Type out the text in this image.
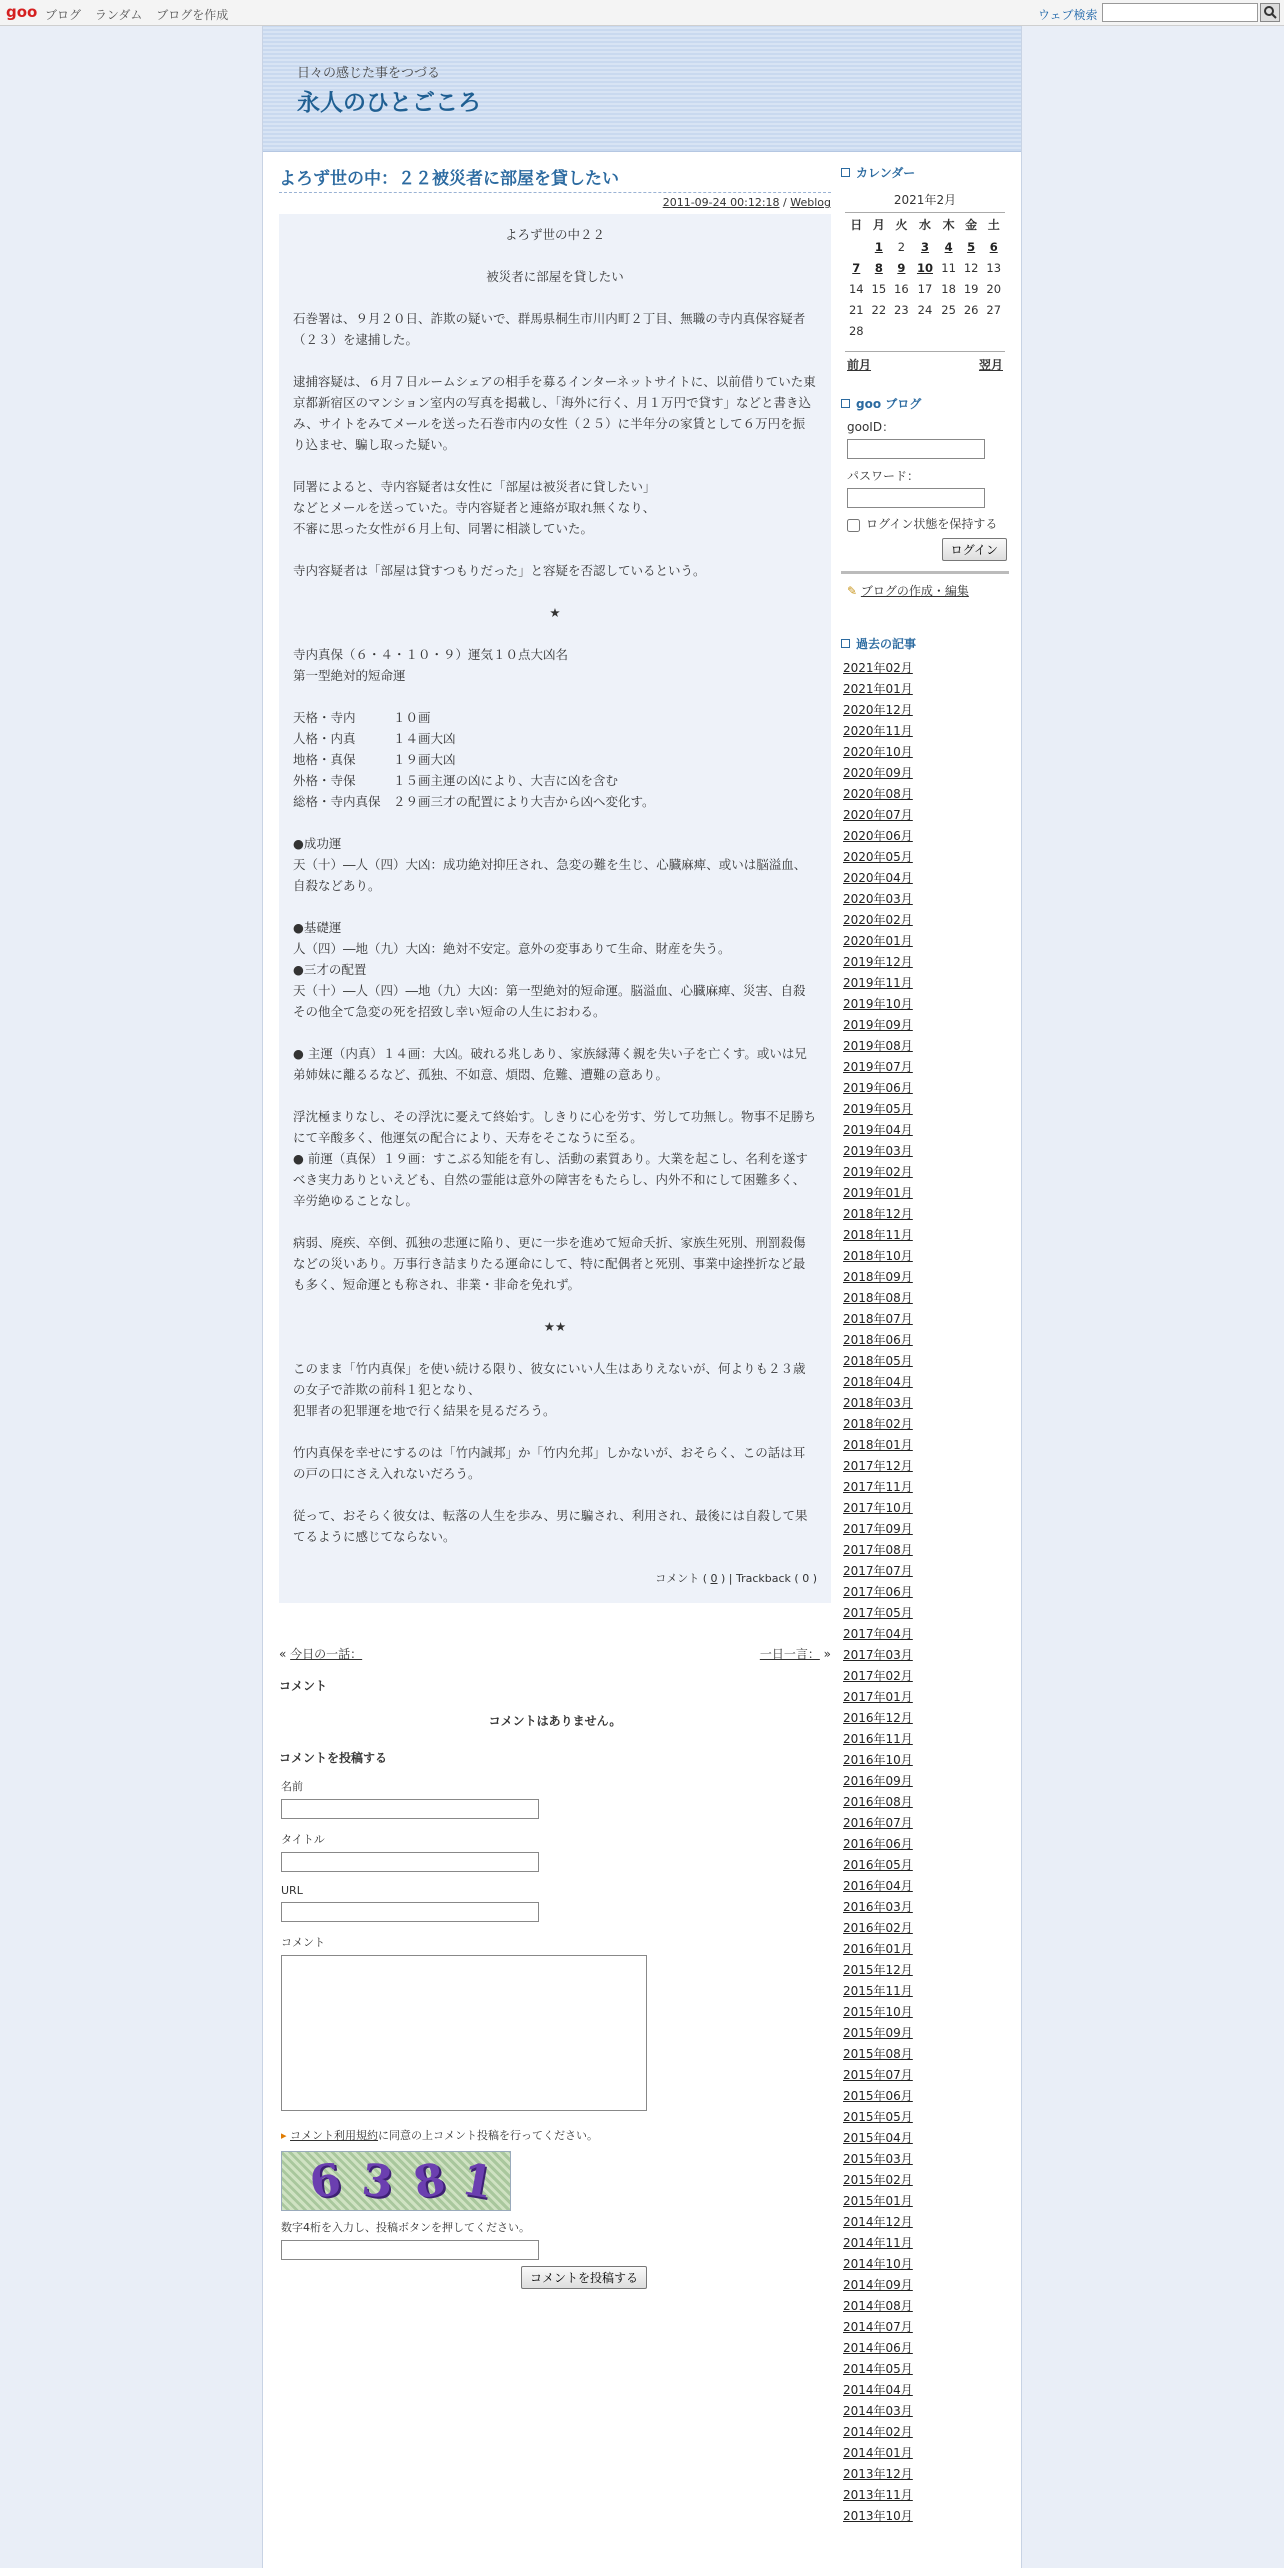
goo ブログ ランダム ブログを作成	ウェブ検索
日々の感じた事をつづる
永人のひとごころ
よろず世の中：２２被災者に部屋を貸したい
2011-09-24 00:12:18 / Weblog

よろず世の中２２

被災者に部屋を貸したい

石巻署は、９月２０日、詐欺の疑いで、群馬県桐生市川内町２丁目、無職の寺内真保容疑者（２３）を逮捕した。

逮捕容疑は、６月７日ルームシェアの相手を募るインターネットサイトに、以前借りていた東京都新宿区のマンション室内の写真を掲載し、「海外に行く、月１万円で貸す」などと書き込み、サイトをみてメールを送った石巻市内の女性（２５）に半年分の家賃として６万円を振り込ませ、騙し取った疑い。

同署によると、寺内容疑者は女性に「部屋は被災者に貸したい」
などとメールを送っていた。寺内容疑者と連絡が取れ無くなり、
不審に思った女性が６月上旬、同署に相談していた。

寺内容疑者は「部屋は貸すつもりだった」と容疑を否認しているという。

★

寺内真保（６・４・１０・９）運気１０点大凶名
第一型絶対的短命運

天格・寺内　　　１０画
人格・内真　　　１４画大凶
地格・真保　　　１９画大凶
外格・寺保　　　１５画主運の凶により、大吉に凶を含む
総格・寺内真保　２９画三才の配置により大吉から凶へ変化す。

●成功運
天（十）―人（四）大凶：成功絶対抑圧され、急変の難を生じ、心臓麻痺、或いは脳溢血、自殺などあり。

●基礎運
人（四）―地（九）大凶：絶対不安定。意外の変事ありて生命、財産を失う。
●三才の配置
天（十）―人（四）―地（九）大凶：第一型絶対的短命運。脳溢血、心臓麻痺、災害、自殺その他全て急変の死を招致し幸い短命の人生におわる。

● 主運（内真）１４画：大凶。破れる兆しあり、家族縁薄く親を失い子を亡くす。或いは兄弟姉妹に離るるなど、孤独、不如意、煩悶、危難、遭難の意あり。

浮沈極まりなし、その浮沈に憂えて終始す。しきりに心を労す、労して功無し。物事不足勝ちにて辛酸多く、他運気の配合により、天寿をそこなうに至る。
● 前運（真保）１９画：すこぶる知能を有し、活動の素質あり。大業を起こし、名利を遂すべき実力ありといえども、自然の霊能は意外の障害をもたらし、内外不和にして困難多く、辛労絶ゆることなし。

病弱、廃疾、卒倒、孤独の悲運に陥り、更に一歩を進めて短命夭折、家族生死別、刑罰殺傷などの災いあり。万事行き詰まりたる運命にして、特に配偶者と死別、事業中途挫折など最も多く、短命運とも称され、非業・非命を免れず。

★★

このまま「竹内真保」を使い続ける限り、彼女にいい人生はありえないが、何よりも２３歳の女子で詐欺の前科１犯となり、
犯罪者の犯罪運を地で行く結果を見るだろう。

竹内真保を幸せにするのは「竹内誠邦」か「竹内允邦」しかないが、おそらく、この話は耳の戸の口にさえ入れないだろう。

従って、おそらく彼女は、転落の人生を歩み、男に騙され、利用され、最後には自殺して果てるように感じてならない。

コメント ( 0 ) | Trackback ( 0 )

« 今日の一話：	一日一言： »
コメント
コメントはありません。
コメントを投稿する
名前
タイトル
URL
コメント
▸ コメント利用規約に同意の上コメント投稿を行ってください。
6 3 8 1
数字4桁を入力し、投稿ボタンを押してください。
コメントを投稿する
カレンダー
2021年2月
日	月	火	水	木	金	土
	1	2	3	4	5	6
7	8	9	10	11	12	13
14	15	16	17	18	19	20
21	22	23	24	25	26	27
28						
前月	翌月
goo ブログ
gooID：
パスワード：
ログイン状態を保持する
ログイン
✎ ブログの作成・編集
過去の記事
2021年02月
2021年01月
2020年12月
2020年11月
2020年10月
2020年09月
2020年08月
2020年07月
2020年06月
2020年05月
2020年04月
2020年03月
2020年02月
2020年01月
2019年12月
2019年11月
2019年10月
2019年09月
2019年08月
2019年07月
2019年06月
2019年05月
2019年04月
2019年03月
2019年02月
2019年01月
2018年12月
2018年11月
2018年10月
2018年09月
2018年08月
2018年07月
2018年06月
2018年05月
2018年04月
2018年03月
2018年02月
2018年01月
2017年12月
2017年11月
2017年10月
2017年09月
2017年08月
2017年07月
2017年06月
2017年05月
2017年04月
2017年03月
2017年02月
2017年01月
2016年12月
2016年11月
2016年10月
2016年09月
2016年08月
2016年07月
2016年06月
2016年05月
2016年04月
2016年03月
2016年02月
2016年01月
2015年12月
2015年11月
2015年10月
2015年09月
2015年08月
2015年07月
2015年06月
2015年05月
2015年04月
2015年03月
2015年02月
2015年01月
2014年12月
2014年11月
2014年10月
2014年09月
2014年08月
2014年07月
2014年06月
2014年05月
2014年04月
2014年03月
2014年02月
2014年01月
2013年12月
2013年11月
2013年10月
